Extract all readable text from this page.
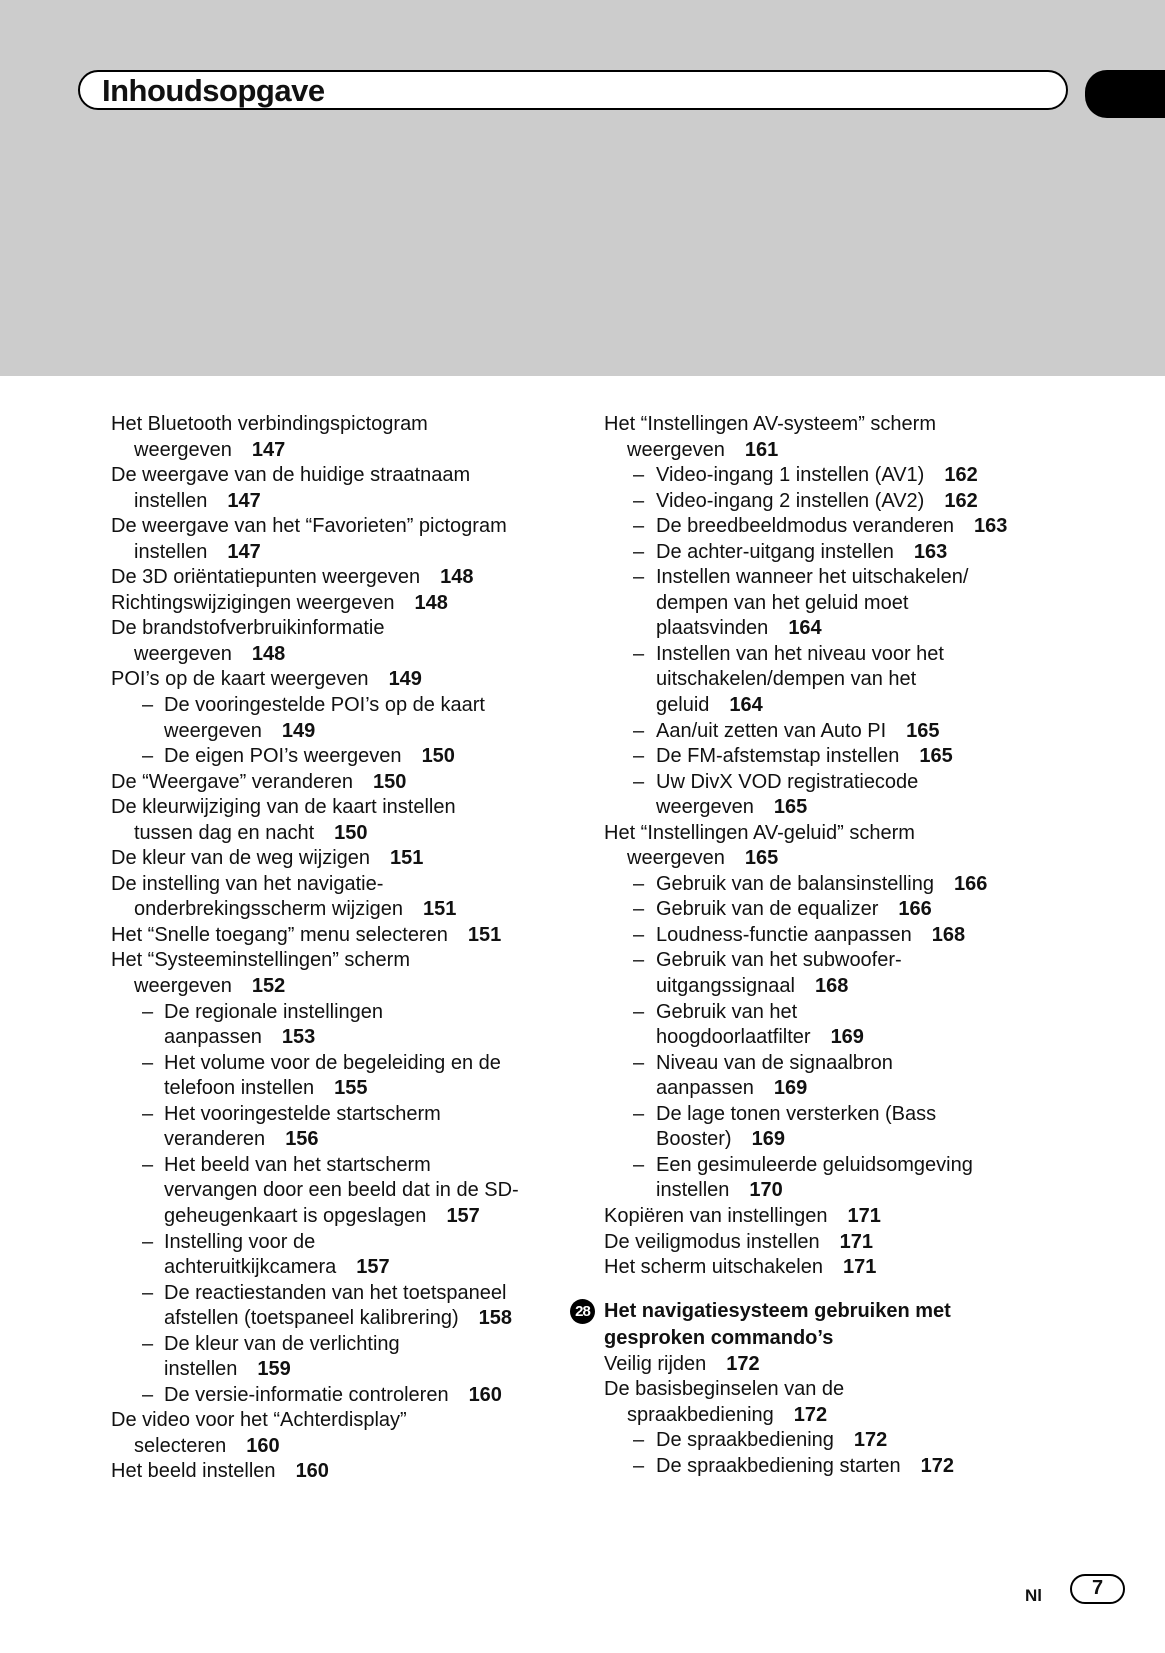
Inhoudsopgave
Het Bluetooth verbindingspictogram
weergeven 147
De weergave van de huidige straatnaam
instellen 147
De weergave van het “Favorieten” pictogram
instellen 147
De 3D oriëntatiepunten weergeven 148
Richtingswijzigingen weergeven 148
De brandstofverbruikinformatie
weergeven 148
POI’s op de kaart weergeven 149
– De vooringestelde POI’s op de kaart
weergeven 149
– De eigen POI’s weergeven 150
De “Weergave” veranderen 150
De kleurwijziging van de kaart instellen
tussen dag en nacht 150
De kleur van de weg wijzigen 151
De instelling van het navigatie-
onderbrekingsscherm wijzigen 151
Het “Snelle toegang” menu selecteren 151
Het “Systeeminstellingen” scherm
weergeven 152
– De regionale instellingen
aanpassen 153
– Het volume voor de begeleiding en de
telefoon instellen 155
– Het vooringestelde startscherm
veranderen 156
– Het beeld van het startscherm
vervangen door een beeld dat in de SD-
geheugenkaart is opgeslagen 157
– Instelling voor de
achteruitkijkcamera 157
– De reactiestanden van het toetspaneel
afstellen (toetspaneel kalibrering) 158
– De kleur van de verlichting
instellen 159
– De versie-informatie controleren 160
De video voor het “Achterdisplay”
selecteren 160
Het beeld instellen 160
Het “Instellingen AV-systeem” scherm
weergeven 161
– Video-ingang 1 instellen (AV1) 162
– Video-ingang 2 instellen (AV2) 162
– De breedbeeldmodus veranderen 163
– De achter-uitgang instellen 163
– Instellen wanneer het uitschakelen/
dempen van het geluid moet
plaatsvinden 164
– Instellen van het niveau voor het
uitschakelen/dempen van het
geluid 164
– Aan/uit zetten van Auto PI 165
– De FM-afstemstap instellen 165
– Uw DivX VOD registratiecode
weergeven 165
Het “Instellingen AV-geluid” scherm
weergeven 165
– Gebruik van de balansinstelling 166
– Gebruik van de equalizer 166
– Loudness-functie aanpassen 168
– Gebruik van het subwoofer-
uitgangssignaal 168
– Gebruik van het
hoogdoorlaatfilter 169
– Niveau van de signaalbron
aanpassen 169
– De lage tonen versterken (Bass
Booster) 169
– Een gesimuleerde geluidsomgeving
instellen 170
Kopiëren van instellingen 171
De veiligmodus instellen 171
Het scherm uitschakelen 171
28 Het navigatiesysteem gebruiken met
gesproken commando’s
Veilig rijden 172
De basisbeginselen van de
spraakbediening 172
– De spraakbediening 172
– De spraakbediening starten 172
Nl	7
